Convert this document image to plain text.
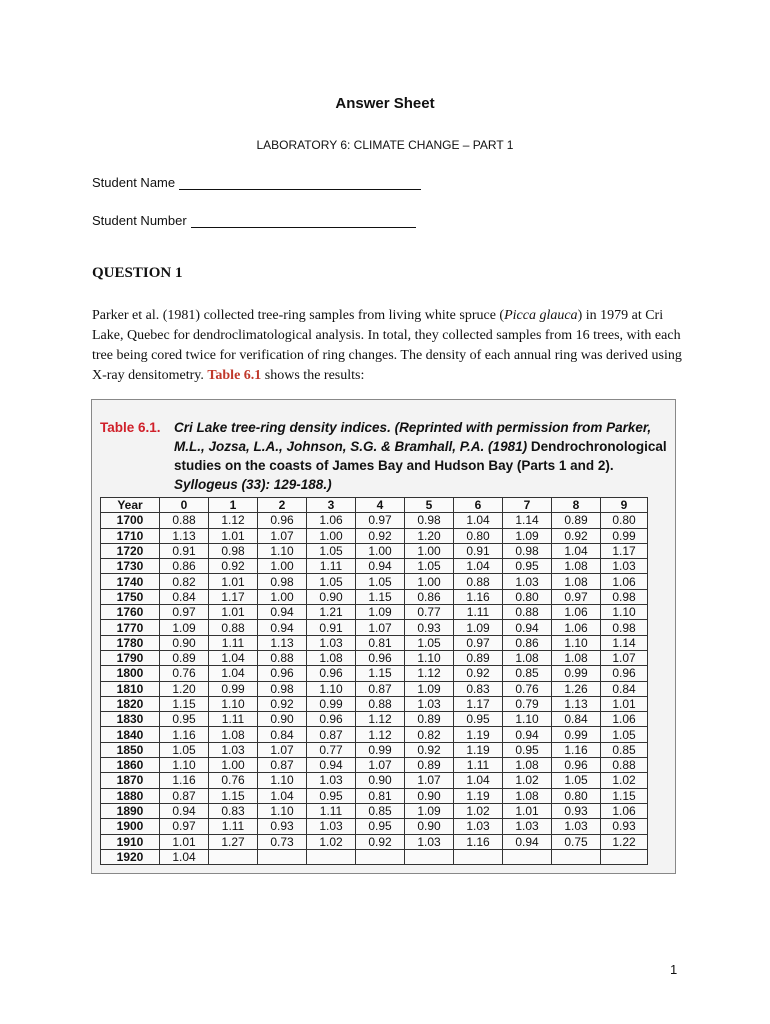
Answer Sheet
LABORATORY 6: CLIMATE CHANGE – PART 1
Student Name
Student Number
QUESTION 1
Parker et al. (1981) collected tree-ring samples from living white spruce (Picca glauca) in 1979 at Cri Lake, Quebec for dendroclimatological analysis. In total, they collected samples from 16 trees, with each tree being cored twice for verification of ring changes. The density of each annual ring was derived using X-ray densitometry. Table 6.1 shows the results:
Table 6.1. Cri Lake tree-ring density indices. (Reprinted with permission from Parker, M.L., Jozsa, L.A., Johnson, S.G. & Bramhall, P.A. (1981) Dendrochronological studies on the coasts of James Bay and Hudson Bay (Parts 1 and 2). Syllogeus (33): 129-188.)
Year	0	1	2	3	4	5	6	7	8	9
1700	0.88	1.12	0.96	1.06	0.97	0.98	1.04	1.14	0.89	0.80
1710	1.13	1.01	1.07	1.00	0.92	1.20	0.80	1.09	0.92	0.99
1720	0.91	0.98	1.10	1.05	1.00	1.00	0.91	0.98	1.04	1.17
1730	0.86	0.92	1.00	1.11	0.94	1.05	1.04	0.95	1.08	1.03
1740	0.82	1.01	0.98	1.05	1.05	1.00	0.88	1.03	1.08	1.06
1750	0.84	1.17	1.00	0.90	1.15	0.86	1.16	0.80	0.97	0.98
1760	0.97	1.01	0.94	1.21	1.09	0.77	1.11	0.88	1.06	1.10
1770	1.09	0.88	0.94	0.91	1.07	0.93	1.09	0.94	1.06	0.98
1780	0.90	1.11	1.13	1.03	0.81	1.05	0.97	0.86	1.10	1.14
1790	0.89	1.04	0.88	1.08	0.96	1.10	0.89	1.08	1.08	1.07
1800	0.76	1.04	0.96	0.96	1.15	1.12	0.92	0.85	0.99	0.96
1810	1.20	0.99	0.98	1.10	0.87	1.09	0.83	0.76	1.26	0.84
1820	1.15	1.10	0.92	0.99	0.88	1.03	1.17	0.79	1.13	1.01
1830	0.95	1.11	0.90	0.96	1.12	0.89	0.95	1.10	0.84	1.06
1840	1.16	1.08	0.84	0.87	1.12	0.82	1.19	0.94	0.99	1.05
1850	1.05	1.03	1.07	0.77	0.99	0.92	1.19	0.95	1.16	0.85
1860	1.10	1.00	0.87	0.94	1.07	0.89	1.11	1.08	0.96	0.88
1870	1.16	0.76	1.10	1.03	0.90	1.07	1.04	1.02	1.05	1.02
1880	0.87	1.15	1.04	0.95	0.81	0.90	1.19	1.08	0.80	1.15
1890	0.94	0.83	1.10	1.11	0.85	1.09	1.02	1.01	0.93	1.06
1900	0.97	1.11	0.93	1.03	0.95	0.90	1.03	1.03	1.03	0.93
1910	1.01	1.27	0.73	1.02	0.92	1.03	1.16	0.94	0.75	1.22
1920	1.04									
1
